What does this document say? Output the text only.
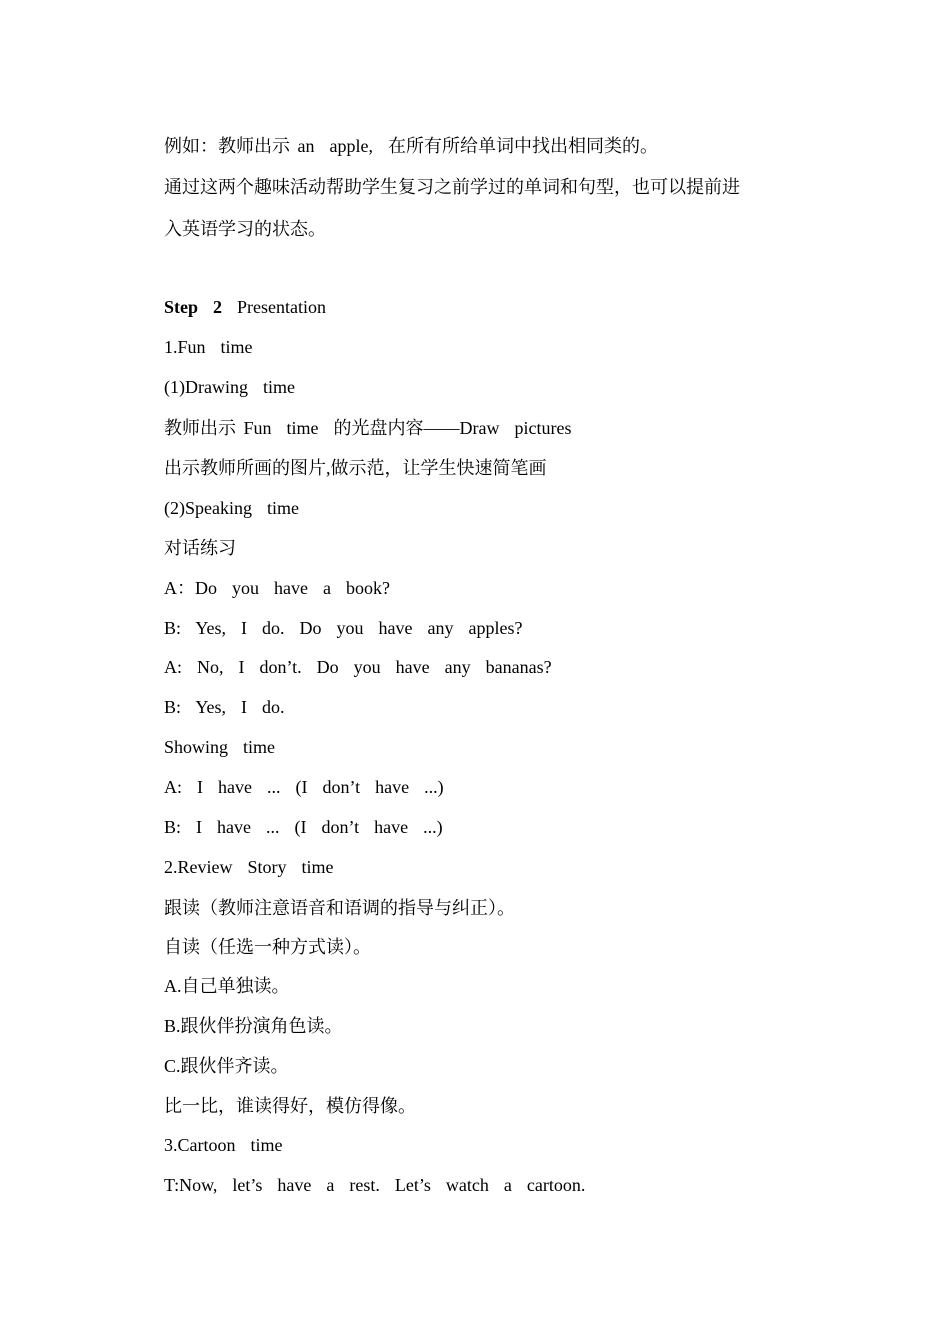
例如：教师出示 an  apple,  在所有所给单词中找出相同类的。
通过这两个趣味活动帮助学生复习之前学过的单词和句型，也可以提前进
入英语学习的状态。
Step  2  Presentation
1.Fun  time
(1)Drawing  time
教师出示 Fun  time  的光盘内容——Draw  pictures
出示教师所画的图片,做示范，让学生快速简笔画
(2)Speaking  time
对话练习
A：Do  you  have  a  book?
B:  Yes,  I  do.  Do  you  have  any  apples?
A:  No,  I  don’t.  Do  you  have  any  bananas?
B:  Yes,  I  do.
Showing  time
A:  I  have  ...  (I  don’t  have  ...)
B:  I  have  ...  (I  don’t  have  ...)
2.Review  Story  time
跟读（教师注意语音和语调的指导与纠正）。
自读（任选一种方式读）。
A.自己单独读。
B.跟伙伴扮演角色读。
C.跟伙伴齐读。
比一比，谁读得好，模仿得像。
3.Cartoon  time
T:Now,  let’s  have  a  rest.  Let’s  watch  a  cartoon.
